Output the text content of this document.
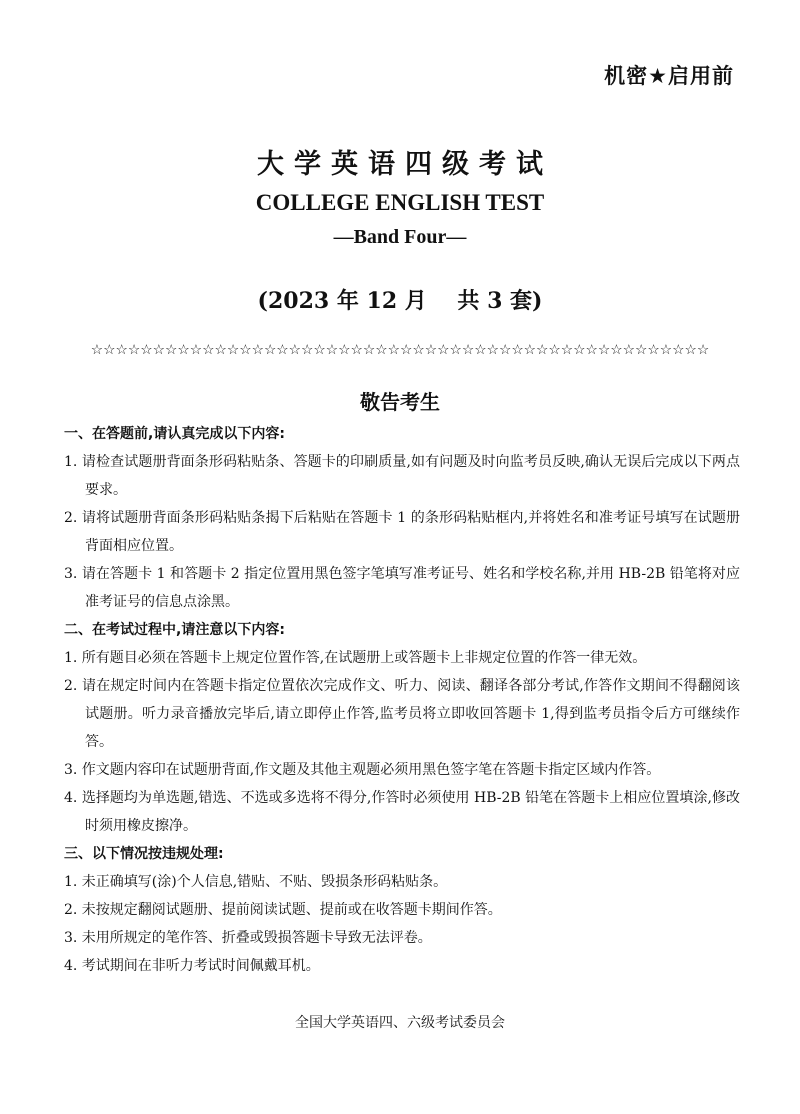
机密★启用前
大学英语四级考试
COLLEGE ENGLISH TEST
—Band Four—
(2023 年 12 月    共 3 套)
☆☆☆☆☆☆☆☆☆☆☆☆☆☆☆☆☆☆☆☆☆☆☆☆☆☆☆☆☆☆☆☆☆☆☆☆☆☆☆☆☆☆☆☆☆☆☆☆☆☆
敬告考生

一、在答题前,请认真完成以下内容:

1. 请检查试题册背面条形码粘贴条、答题卡的印刷质量,如有问题及时向监考员反映,确认无误后完成以下两点要求。

2. 请将试题册背面条形码粘贴条揭下后粘贴在答题卡 1 的条形码粘贴框内,并将姓名和准考证号填写在试题册背面相应位置。

3. 请在答题卡 1 和答题卡 2 指定位置用黑色签字笔填写准考证号、姓名和学校名称,并用 HB-2B 铅笔将对应准考证号的信息点涂黑。

二、在考试过程中,请注意以下内容:

1. 所有题目必须在答题卡上规定位置作答,在试题册上或答题卡上非规定位置的作答一律无效。

2. 请在规定时间内在答题卡指定位置依次完成作文、听力、阅读、翻译各部分考试,作答作文期间不得翻阅该试题册。听力录音播放完毕后,请立即停止作答,监考员将立即收回答题卡 1,得到监考员指令后方可继续作答。

3. 作文题内容印在试题册背面,作文题及其他主观题必须用黑色签字笔在答题卡指定区域内作答。

4. 选择题均为单选题,错选、不选或多选将不得分,作答时必须使用 HB-2B 铅笔在答题卡上相应位置填涂,修改时须用橡皮擦净。

三、以下情况按违规处理:

1. 未正确填写(涂)个人信息,错贴、不贴、毁损条形码粘贴条。

2. 未按规定翻阅试题册、提前阅读试题、提前或在收答题卡期间作答。

3. 未用所规定的笔作答、折叠或毁损答题卡导致无法评卷。

4. 考试期间在非听力考试时间佩戴耳机。

全国大学英语四、六级考试委员会
